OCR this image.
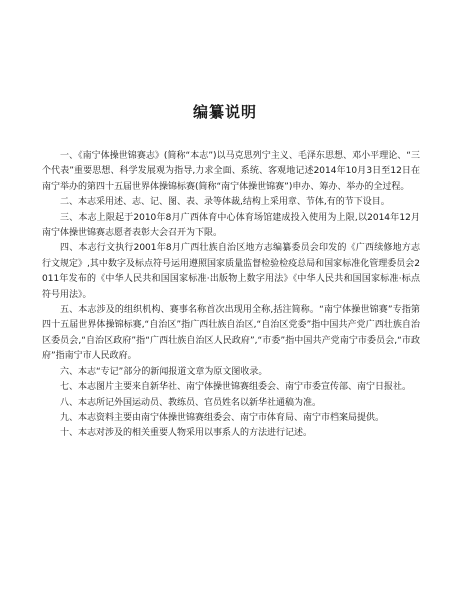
编纂说明

一、《南宁体操世锦赛志》(简称“本志”)以马克思列宁主义、毛泽东思想、邓小平理论、“三个代表”重要思想、科学发展观为指导,力求全面、系统、客观地记述2014年10月3日至12日在南宁举办的第四十五届世界体操锦标赛(简称“南宁体操世锦赛”)申办、筹办、举办的全过程。

二、本志采用述、志、记、图、表、录等体裁,结构上采用章、节体,有的节下设目。

三、本志上限起于2010年8月广西体育中心体育场馆建成投入使用为上限,以2014年12月南宁体操世锦赛志愿者表彰大会召开为下限。

四、本志行文执行2001年8月广西壮族自治区地方志编纂委员会印发的《广西续修地方志行文规定》,其中数字及标点符号运用遵照国家质量监督检验检疫总局和国家标准化管理委员会2011年发布的《中华人民共和国国家标准·出版物上数字用法》《中华人民共和国国家标准·标点符号用法》。

五、本志涉及的组织机构、赛事名称首次出现用全称,括注简称。“南宁体操世锦赛”专指第四十五届世界体操锦标赛,“自治区”指广西壮族自治区,“自治区党委”指中国共产党广西壮族自治区委员会,“自治区政府”指“广西壮族自治区人民政府”,“市委”指中国共产党南宁市委员会,“市政府”指南宁市人民政府。

六、本志“专记”部分的新闻报道文章为原文图收录。

七、本志图片主要来自新华社、南宁体操世锦赛组委会、南宁市委宣传部、南宁日报社。

八、本志所记外国运动员、教练员、官员姓名以新华社通稿为准。

九、本志资料主要由南宁体操世锦赛组委会、南宁市体育局、南宁市档案局提供。

十、本志对涉及的相关重要人物采用以事系人的方法进行记述。
